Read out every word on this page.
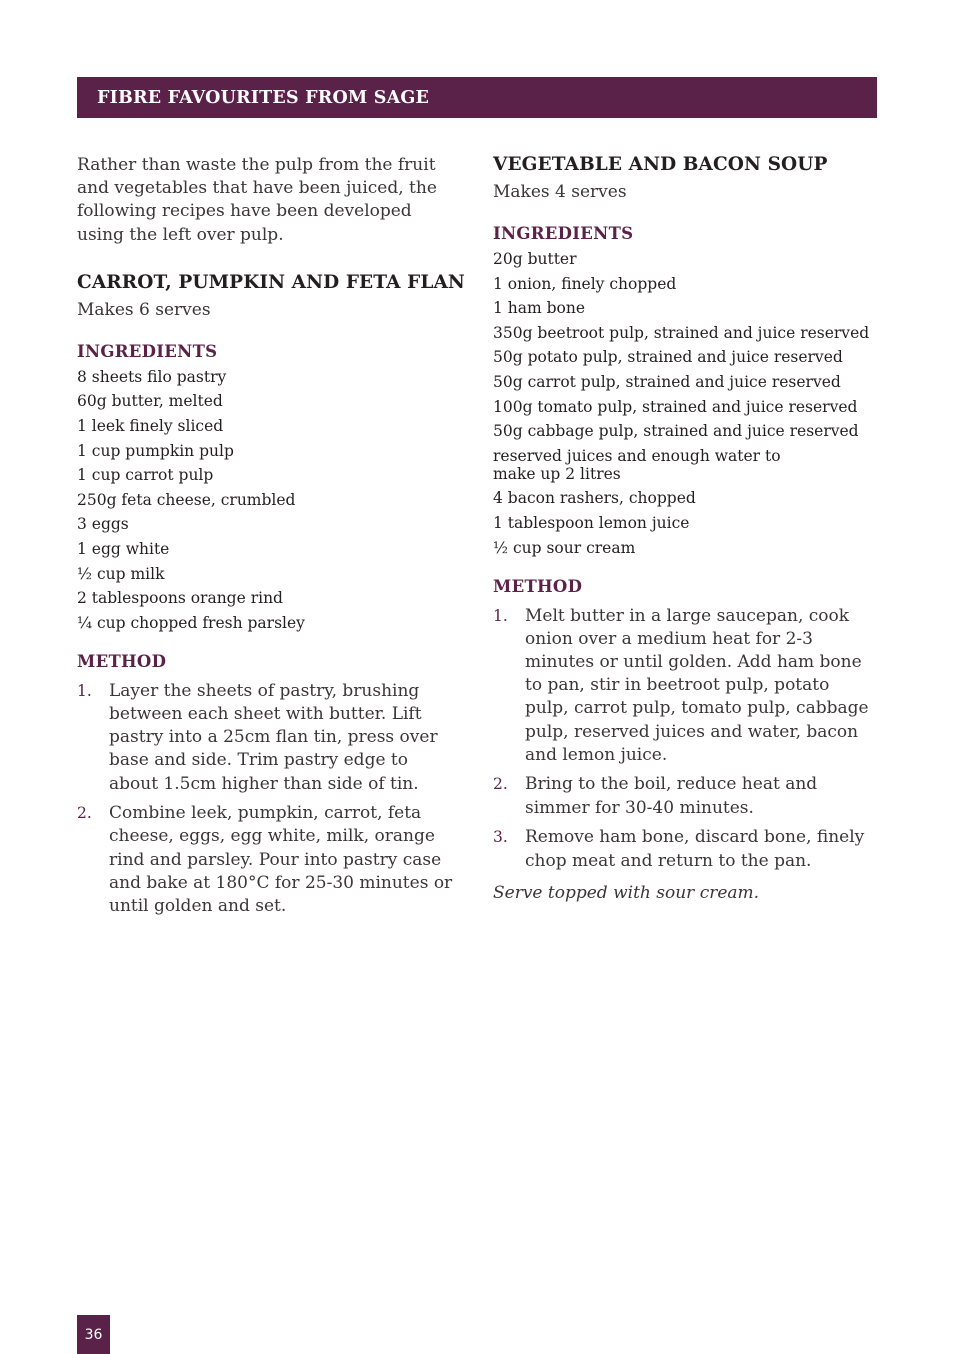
FIBRE FAVOURITES FROM SAGE

Rather than waste the pulp from the fruit and vegetables that have been juiced, the following recipes have been developed using the left over pulp.

CARROT, PUMPKIN AND FETA FLAN

Makes 6 serves

INGREDIENTS
8 sheets filo pastry
60g butter, melted
1 leek finely sliced
1 cup pumpkin pulp
1 cup carrot pulp
250g feta cheese, crumbled
3 eggs
1 egg white
½ cup milk
2 tablespoons orange rind
¼ cup chopped fresh parsley
METHOD
1.	Layer the sheets of pastry, brushing between each sheet with butter. Lift pastry into a 25cm flan tin, press over base and side. Trim pastry edge to about 1.5cm higher than side of tin.
2.	Combine leek, pumpkin, carrot, feta cheese, eggs, egg white, milk, orange rind and parsley. Pour into pastry case and bake at 180°C for 25-30 minutes or until golden and set.
VEGETABLE AND BACON SOUP

Makes 4 serves

INGREDIENTS
20g butter
1 onion, finely chopped
1 ham bone
350g beetroot pulp, strained and juice reserved
50g potato pulp, strained and juice reserved
50g carrot pulp, strained and juice reserved
100g tomato pulp, strained and juice reserved
50g cabbage pulp, strained and juice reserved
reserved juices and enough water to make up 2 litres
4 bacon rashers, chopped
1 tablespoon lemon juice
½ cup sour cream
METHOD
1.	Melt butter in a large saucepan, cook onion over a medium heat for 2-3 minutes or until golden. Add ham bone to pan, stir in beetroot pulp, potato pulp, carrot pulp, tomato pulp, cabbage pulp, reserved juices and water, bacon and lemon juice.
2.	Bring to the boil, reduce heat and simmer for 30-40 minutes.
3.	Remove ham bone, discard bone, finely chop meat and return to the pan.

Serve topped with sour cream.

36
